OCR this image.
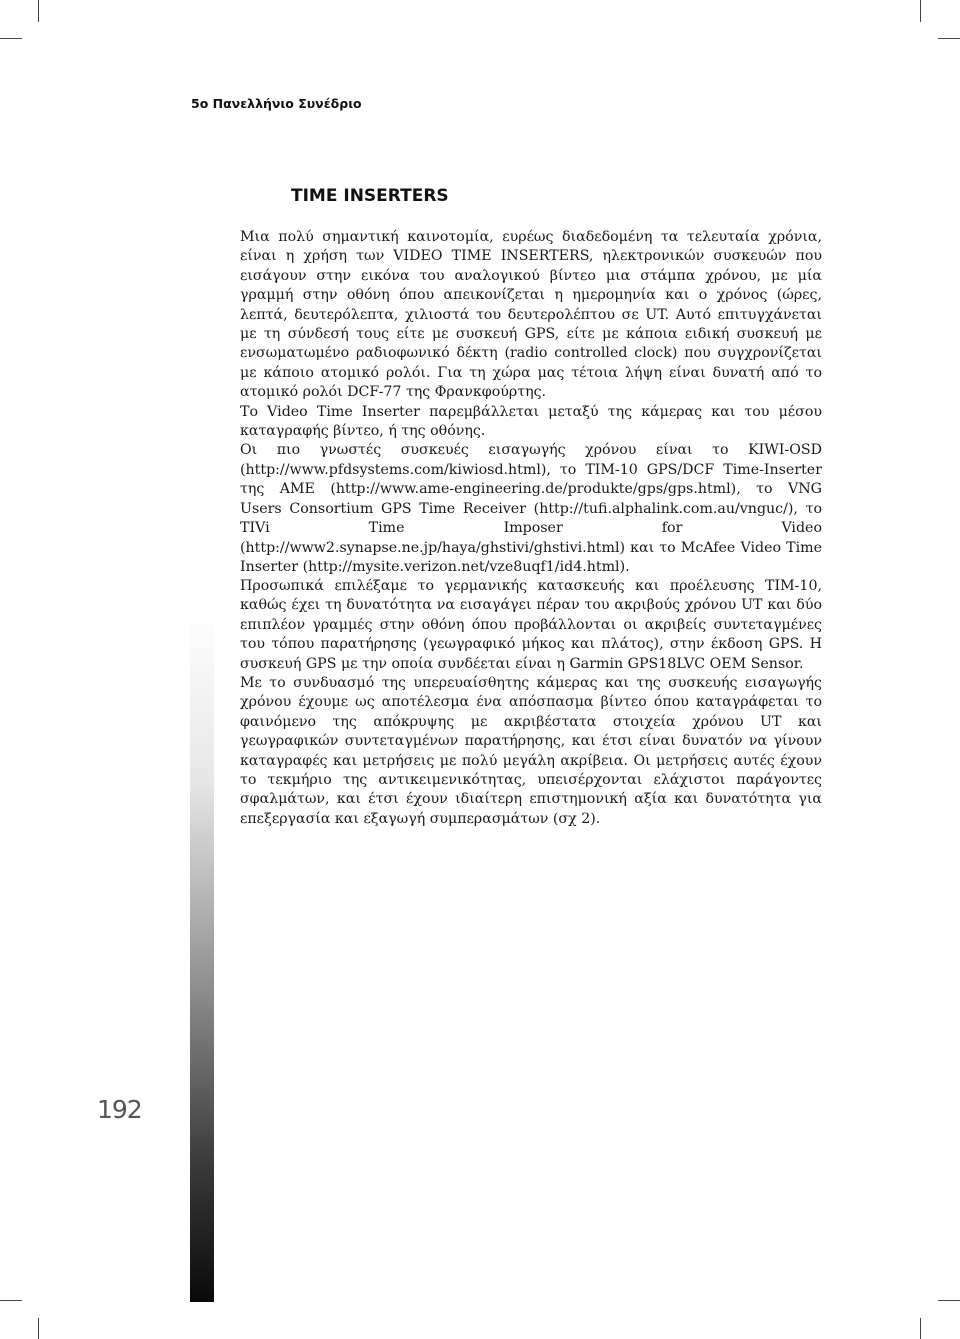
5ο Πανελλήνιο Συνέδριο
192
TIME INSERTERS

Μια πολύ σημαντική καινοτομία, ευρέως διαδεδομένη τα τελευταία χρόνια, είναι η χρήση των VIDEO TIME INSERTERS, ηλεκτρονικών συσκευών που εισάγουν στην εικόνα του αναλογικού βίντεο μια στάμπα χρόνου, με μία γραμμή στην οθόνη όπου απεικονίζεται η ημερομηνία και ο χρόνος (ώρες, λεπτά, δευτερόλεπτα, χιλιοστά του δευτερολέπτου σε UT. Αυτό επιτυγχάνεται με τη σύνδεσή τους είτε με συσκευή GPS, είτε με κάποια ειδική συσκευή με ενσωματωμένο ραδιοφωνικό δέκτη (radio controlled clock) που συγχρονίζεται με κάποιο ατομικό ρολόι. Για τη χώρα μας τέτοια λήψη είναι δυνατή από το ατομικό ρολόι DCF-77 της Φρανκφούρτης.

Το Video Time Inserter παρεμβάλλεται μεταξύ της κάμερας και του μέσου καταγραφής βίντεο, ή της οθόνης.

Οι πιο γνωστές συσκευές εισαγωγής χρόνου είναι το KIWI-OSD (http://www.pfdsystems.com/kiwiosd.html), το TIM-10 GPS/DCF Time-Inserter της AME (http://www.ame-engineering.de/produkte/gps/gps.html), το VNG Users Consortium GPS Time Receiver (http://tufi.alphalink.com.au/vnguc/), το TIVi Time Imposer for Video (http://www2.synapse.ne.jp/haya/ghstivi/ghstivi.html) και το McAfee Video Time Inserter (http://mysite.verizon.net/vze8uqf1/id4.html).

Προσωπικά επιλέξαμε το γερμανικής κατασκευής και προέλευσης TIM-10, καθώς έχει τη δυνατότητα να εισαγάγει πέραν του ακριβούς χρόνου UT και δύο επιπλέον γραμμές στην οθόνη όπου προβάλλονται οι ακριβείς συντεταγμένες του τόπου παρατήρησης (γεωγραφικό μήκος και πλάτος), στην έκδοση GPS. Η συσκευή GPS με την οποία συνδέεται είναι η Garmin GPS18LVC OEM Sensor.

Με το συνδυασμό της υπερευαίσθητης κάμερας και της συσκευής εισαγωγής χρόνου έχουμε ως αποτέλεσμα ένα απόσπασμα βίντεο όπου καταγράφεται το φαινόμενο της απόκρυψης με ακριβέστατα στοιχεία χρόνου UT και γεωγραφικών συντεταγμένων παρατήρησης, και έτσι είναι δυνατόν να γίνουν καταγραφές και μετρήσεις με πολύ μεγάλη ακρίβεια. Οι μετρήσεις αυτές έχουν το τεκμήριο της αντικειμενικότητας, υπεισέρχονται ελάχιστοι παράγοντες σφαλμάτων, και έτσι έχουν ιδιαίτερη επιστημονική αξία και δυνατότητα για επεξεργασία και εξαγωγή συμπερασμάτων (σχ 2).
